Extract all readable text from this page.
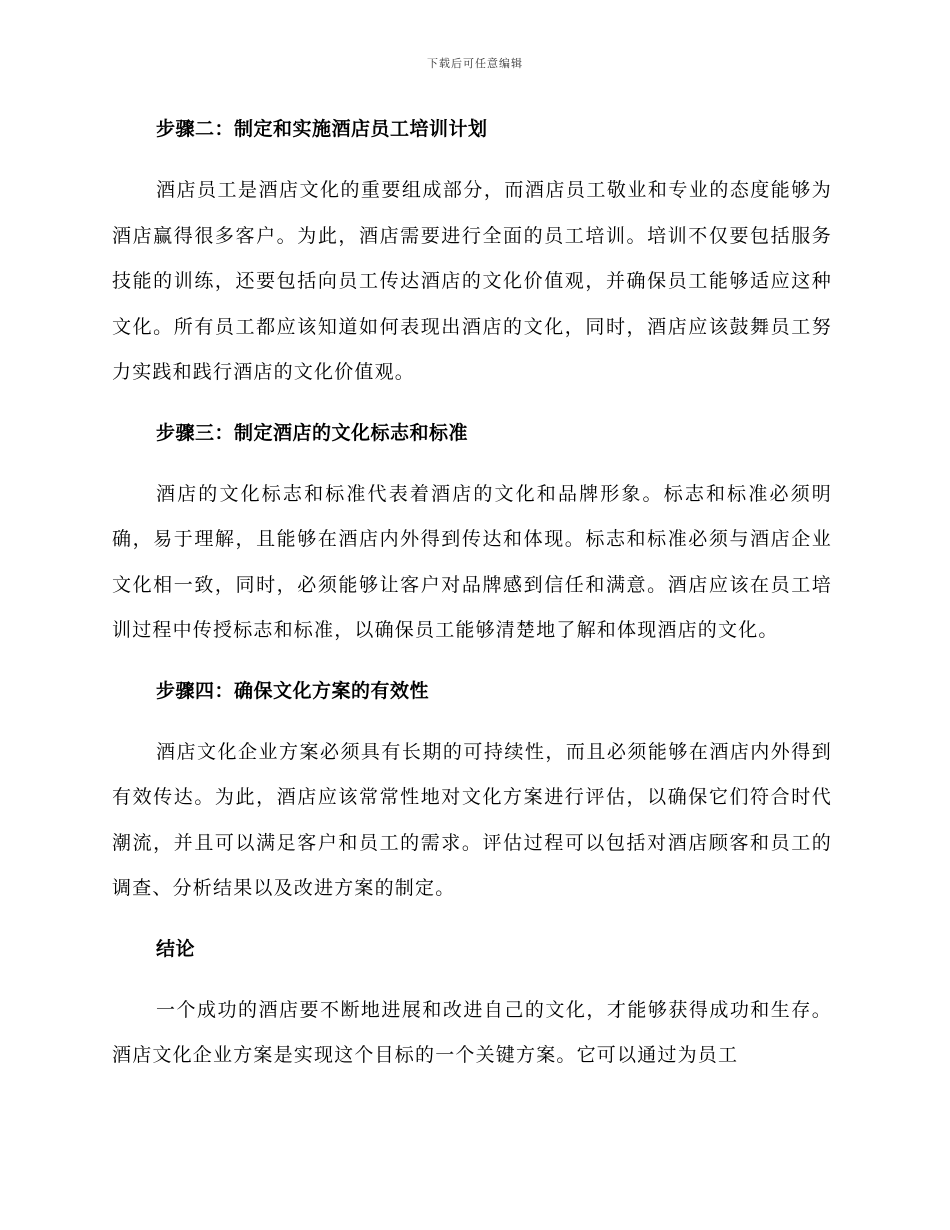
下载后可任意编辑

步骤二：制定和实施酒店员工培训计划

酒店员工是酒店文化的重要组成部分，而酒店员工敬业和专业的态度能够为酒店赢得很多客户。为此，酒店需要进行全面的员工培训。培训不仅要包括服务技能的训练，还要包括向员工传达酒店的文化价值观，并确保员工能够适应这种文化。所有员工都应该知道如何表现出酒店的文化，同时，酒店应该鼓舞员工努力实践和践行酒店的文化价值观。

步骤三：制定酒店的文化标志和标准

酒店的文化标志和标准代表着酒店的文化和品牌形象。标志和标准必须明确，易于理解，且能够在酒店内外得到传达和体现。标志和标准必须与酒店企业文化相一致，同时，必须能够让客户对品牌感到信任和满意。酒店应该在员工培训过程中传授标志和标准，以确保员工能够清楚地了解和体现酒店的文化。

步骤四：确保文化方案的有效性

酒店文化企业方案必须具有长期的可持续性，而且必须能够在酒店内外得到有效传达。为此，酒店应该常常性地对文化方案进行评估，以确保它们符合时代潮流，并且可以满足客户和员工的需求。评估过程可以包括对酒店顾客和员工的调查、分析结果以及改进方案的制定。

结论

一个成功的酒店要不断地进展和改进自己的文化，才能够获得成功和生存。酒店文化企业方案是实现这个目标的一个关键方案。它可以通过为员工
